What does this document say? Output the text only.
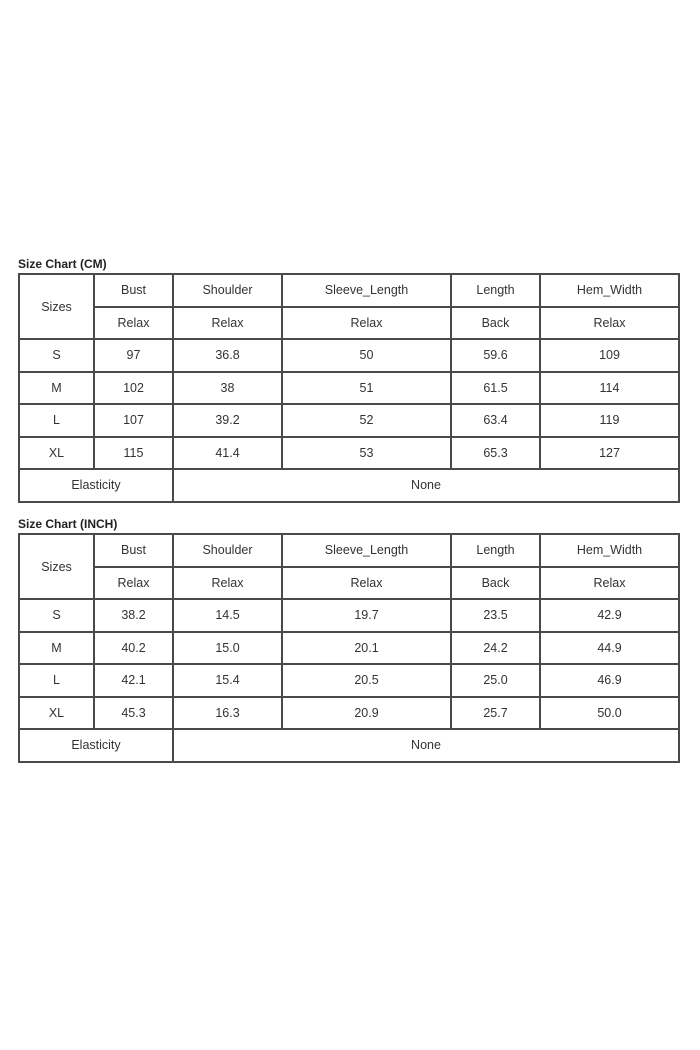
Size Chart (CM)
Sizes	Bust	Shoulder	Sleeve_Length	Length	Hem_Width
	Relax	Relax	Relax	Back	Relax
S	97	36.8	50	59.6	109
M	102	38	51	61.5	114
L	107	39.2	52	63.4	119
XL	115	41.4	53	65.3	127
Elasticity		None			
Size Chart (INCH)
Sizes	Bust	Shoulder	Sleeve_Length	Length	Hem_Width
	Relax	Relax	Relax	Back	Relax
S	38.2	14.5	19.7	23.5	42.9
M	40.2	15.0	20.1	24.2	44.9
L	42.1	15.4	20.5	25.0	46.9
XL	45.3	16.3	20.9	25.7	50.0
Elasticity		None			
